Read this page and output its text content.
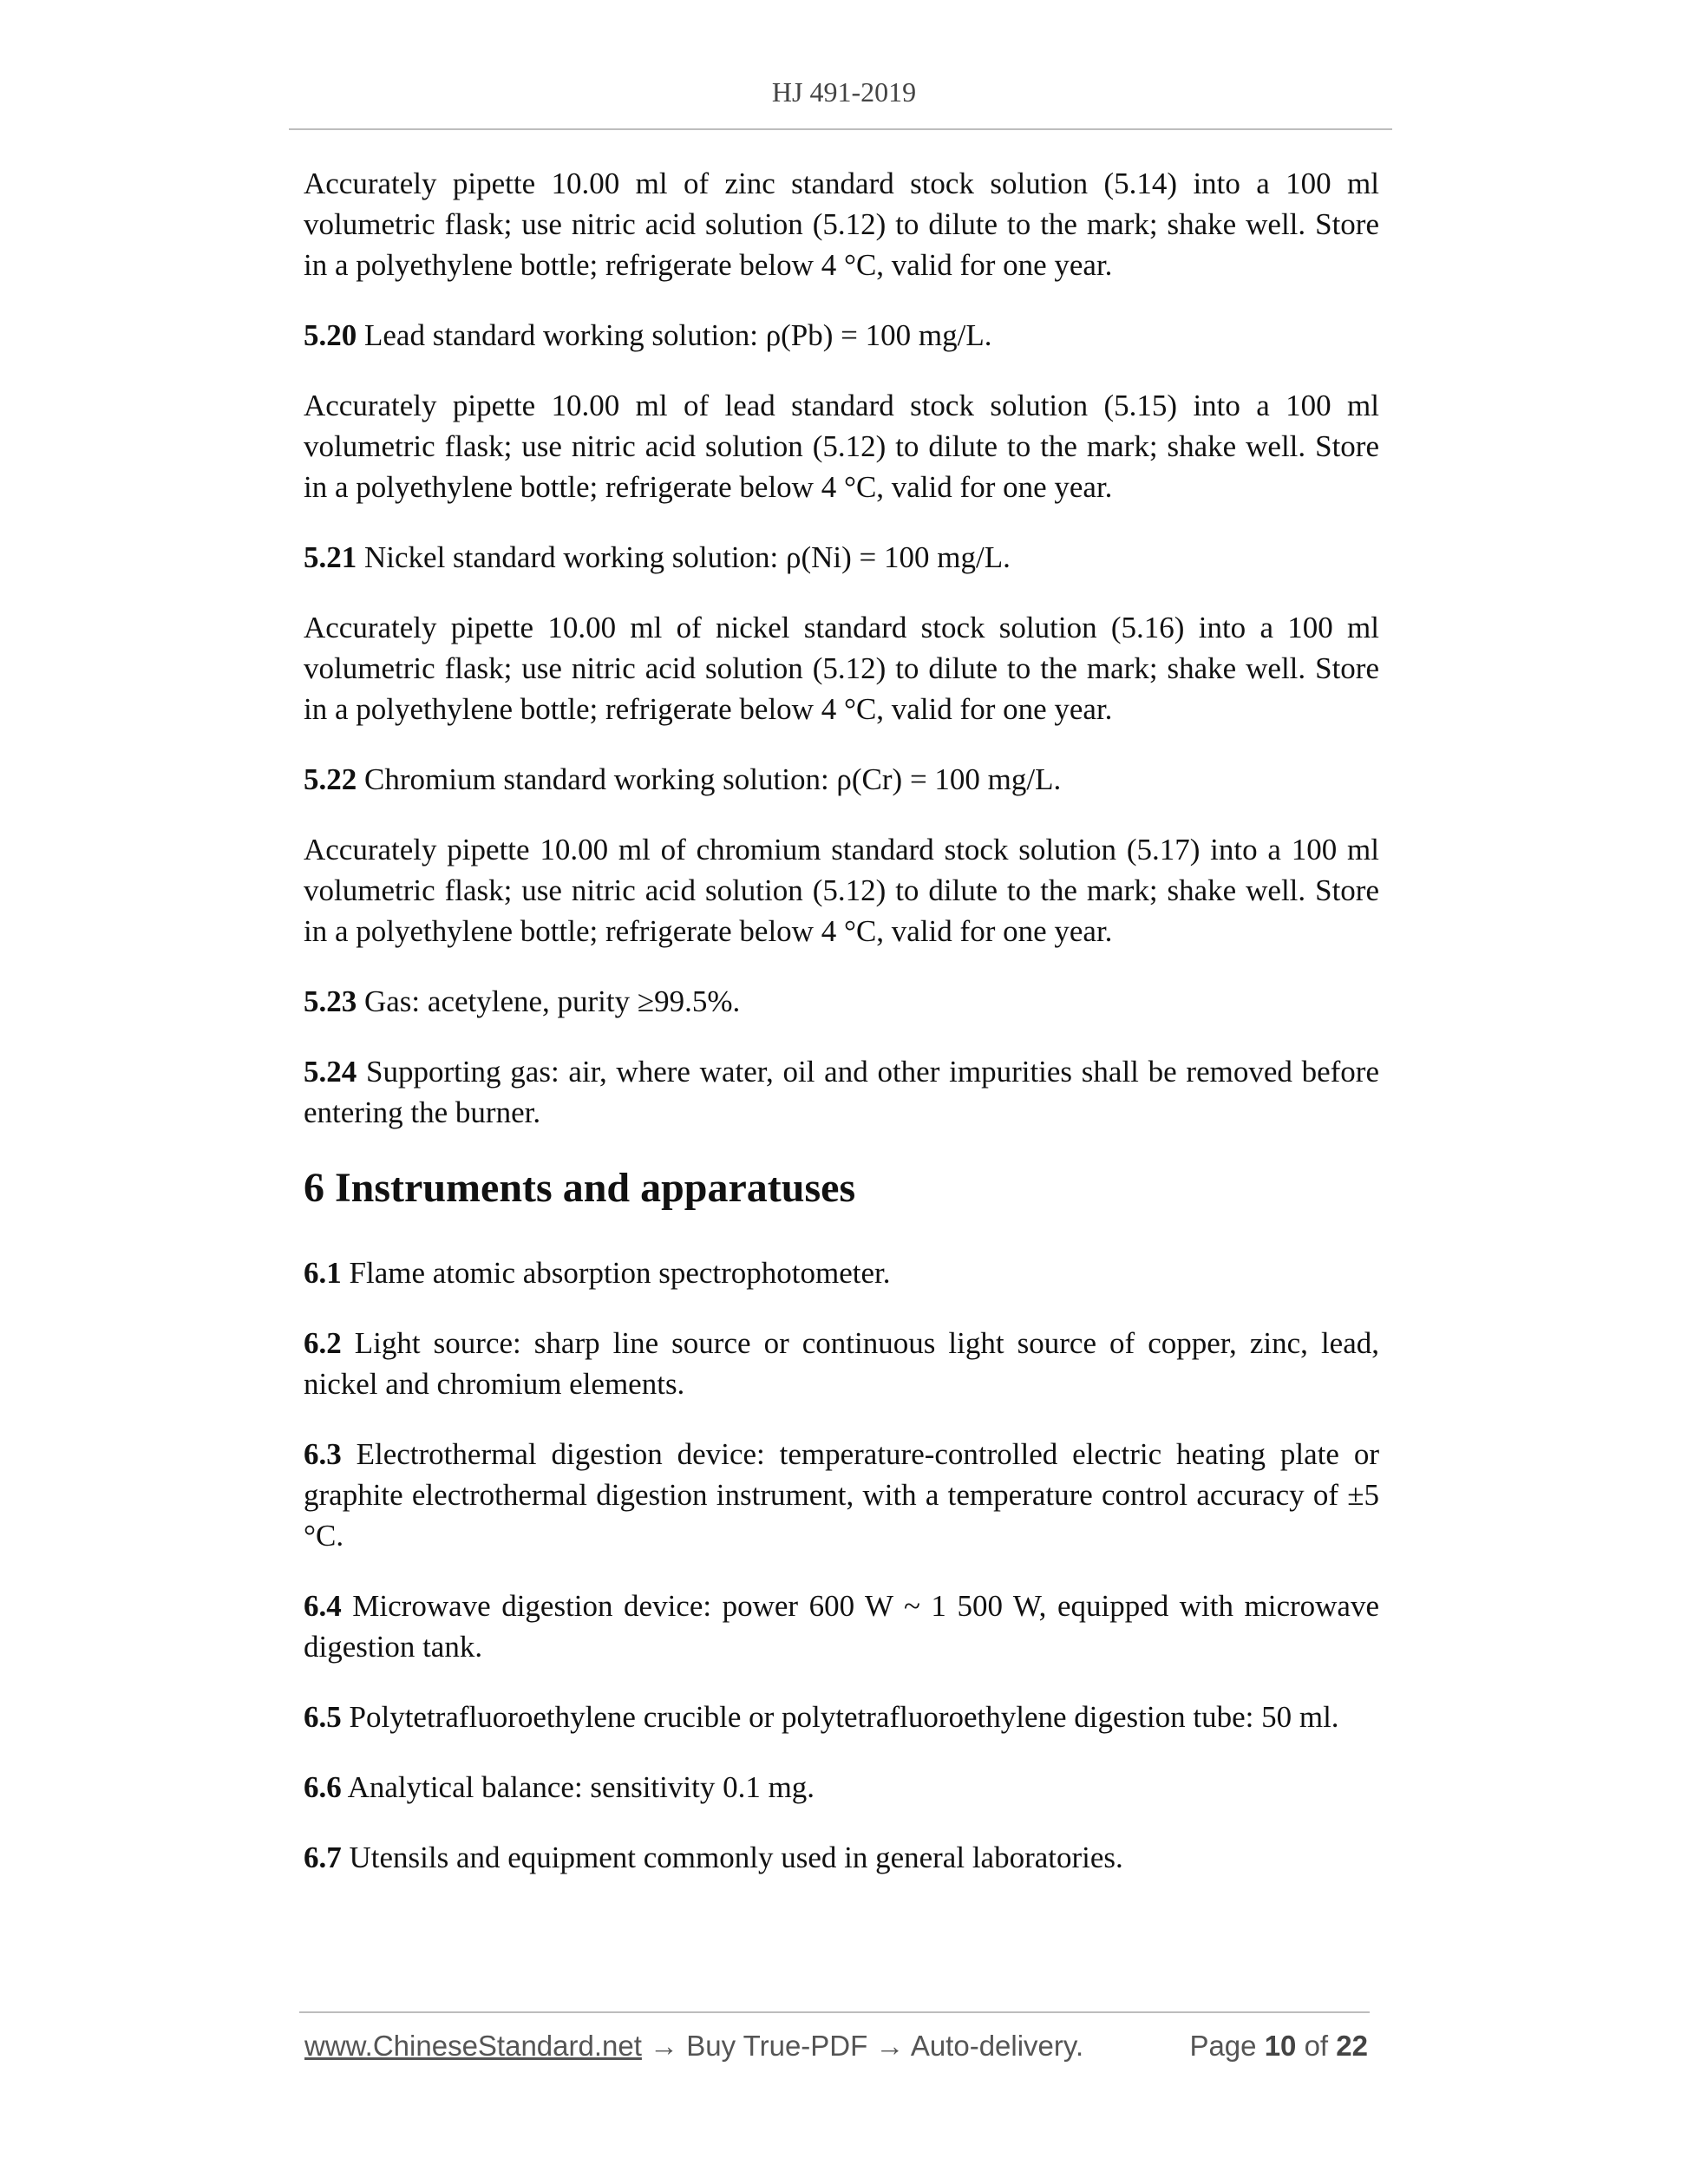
HJ 491-2019

Accurately pipette 10.00 ml of zinc standard stock solution (5.14) into a 100 ml volumetric flask; use nitric acid solution (5.12) to dilute to the mark; shake well. Store in a polyethylene bottle; refrigerate below 4 °C, valid for one year.

5.20 Lead standard working solution: ρ(Pb) = 100 mg/L.

Accurately pipette 10.00 ml of lead standard stock solution (5.15) into a 100 ml volumetric flask; use nitric acid solution (5.12) to dilute to the mark; shake well. Store in a polyethylene bottle; refrigerate below 4 °C, valid for one year.

5.21 Nickel standard working solution: ρ(Ni) = 100 mg/L.

Accurately pipette 10.00 ml of nickel standard stock solution (5.16) into a 100 ml volumetric flask; use nitric acid solution (5.12) to dilute to the mark; shake well. Store in a polyethylene bottle; refrigerate below 4 °C, valid for one year.

5.22 Chromium standard working solution: ρ(Cr) = 100 mg/L.

Accurately pipette 10.00 ml of chromium standard stock solution (5.17) into a 100 ml volumetric flask; use nitric acid solution (5.12) to dilute to the mark; shake well. Store in a polyethylene bottle; refrigerate below 4 °C, valid for one year.

5.23 Gas: acetylene, purity ≥99.5%.

5.24 Supporting gas: air, where water, oil and other impurities shall be removed before entering the burner.

6 Instruments and apparatuses

6.1 Flame atomic absorption spectrophotometer.

6.2 Light source: sharp line source or continuous light source of copper, zinc, lead, nickel and chromium elements.

6.3 Electrothermal digestion device: temperature-controlled electric heating plate or graphite electrothermal digestion instrument, with a temperature control accuracy of ±5 °C.

6.4 Microwave digestion device: power 600 W ~ 1 500 W, equipped with microwave digestion tank.

6.5 Polytetrafluoroethylene crucible or polytetrafluoroethylene digestion tube: 50 ml.

6.6 Analytical balance: sensitivity 0.1 mg.

6.7 Utensils and equipment commonly used in general laboratories.

www.ChineseStandard.net → Buy True-PDF → Auto-delivery.	Page 10 of 22
